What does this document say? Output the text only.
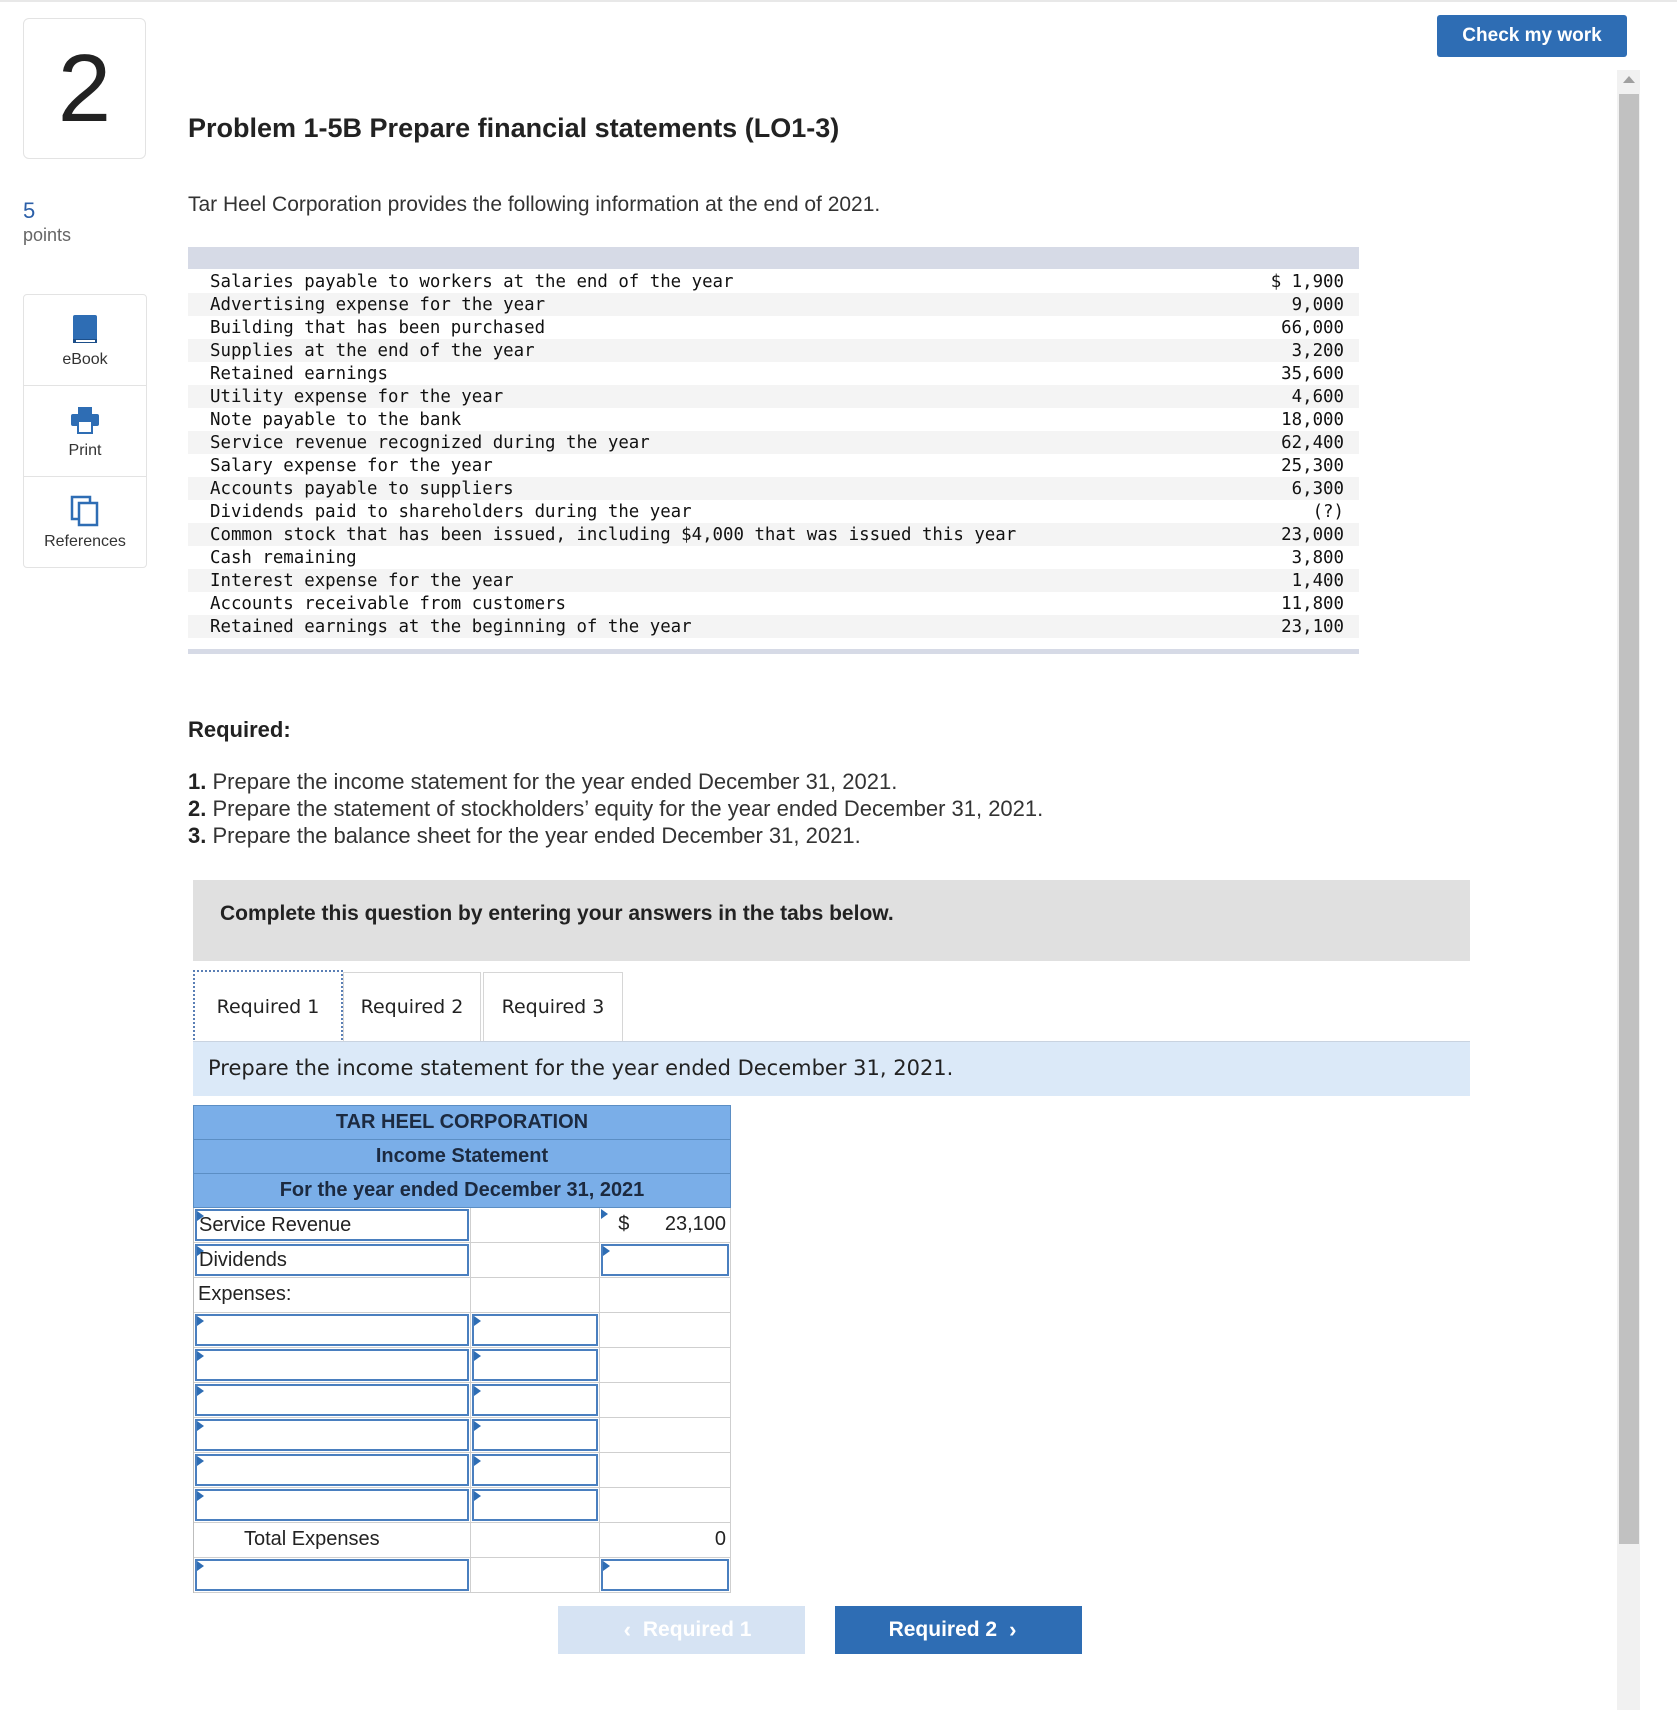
2
5
points
eBook
Print
References
Check my work
Problem 1-5B Prepare financial statements (LO1-3)
Tar Heel Corporation provides the following information at the end of 2021.
Salaries payable to workers at the end of the year	$ 1,900
Advertising expense for the year	9,000
Building that has been purchased	66,000
Supplies at the end of the year	3,200
Retained earnings	35,600
Utility expense for the year	4,600
Note payable to the bank	18,000
Service revenue recognized during the year	62,400
Salary expense for the year	25,300
Accounts payable to suppliers	6,300
Dividends paid to shareholders during the year	(?)
Common stock that has been issued, including $4,000 that was issued this year	23,000
Cash remaining	3,800
Interest expense for the year	1,400
Accounts receivable from customers	11,800
Retained earnings at the beginning of the year	23,100
Required:
1. Prepare the income statement for the year ended December 31, 2021.
2. Prepare the statement of stockholders’ equity for the year ended December 31, 2021.
3. Prepare the balance sheet for the year ended December 31, 2021.
Complete this question by entering your answers in the tabs below.
Required 1	Required 2	Required 3
Prepare the income statement for the year ended December 31, 2021.
TAR HEEL CORPORATION
Income Statement
For the year ended December 31, 2021
Service Revenue	$ 23,100
Dividends
Expenses:
Total Expenses	0
‹ Required 1	Required 2 ›
